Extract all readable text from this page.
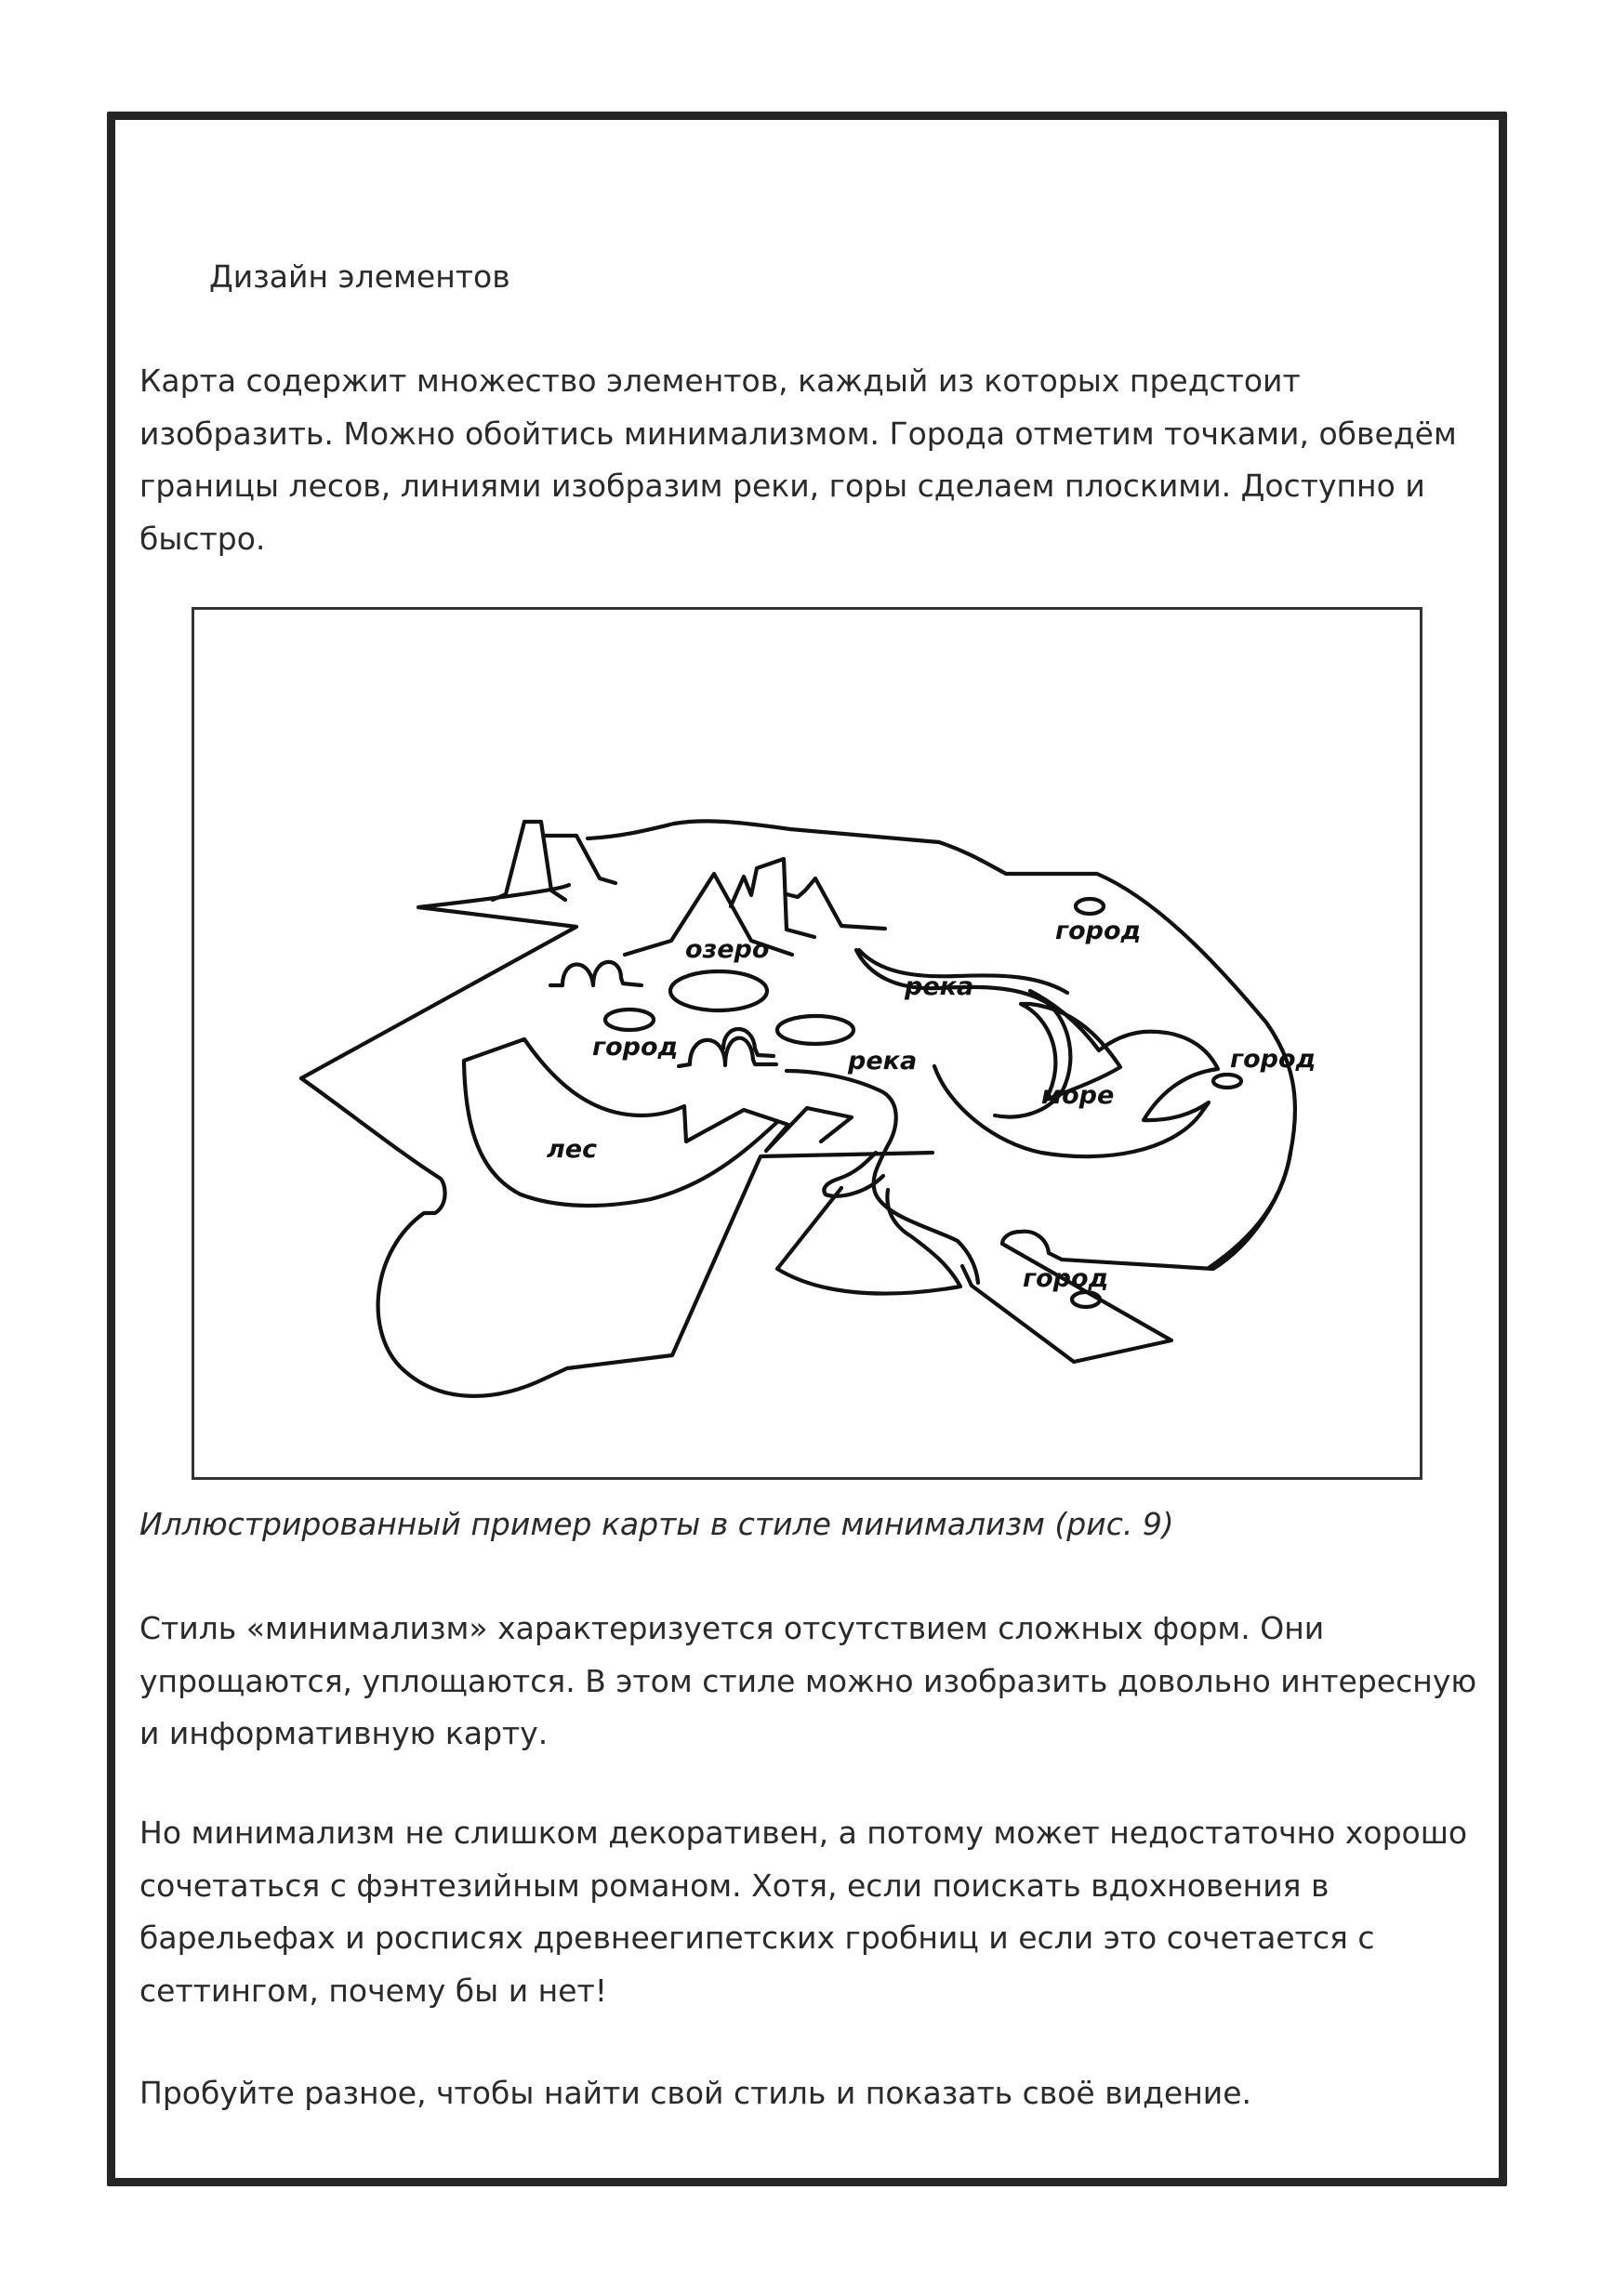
Дизайн элементов
Карта содержит множество элементов, каждый из которых предстоит
изобразить. Можно обойтись минимализмом. Города отметим точками, обведём
границы лесов, линиями изобразим реки, горы сделаем плоскими. Доступно и
быстро.
озеро
река
река
море
лес
город
город
город
город
Иллюстрированный пример карты в стиле минимализм (рис. 9)
Стиль «минимализм» характеризуется отсутствием сложных форм. Они
упрощаются, уплощаются. В этом стиле можно изобразить довольно интересную
и информативную карту.
Но минимализм не слишком декоративен, а потому может недостаточно хорошо
сочетаться с фэнтезийным романом. Хотя, если поискать вдохновения в
барельефах и росписях древнеегипетских гробниц и если это сочетается с
сеттингом, почему бы и нет!
Пробуйте разное, чтобы найти свой стиль и показать своё видение.
